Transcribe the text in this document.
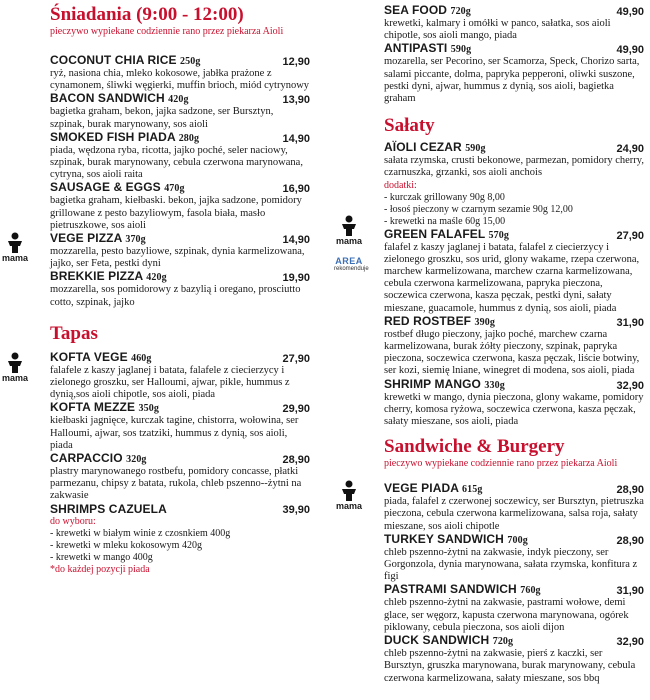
mama
mama
mama
AREA
rekomenduje
mama
Śniadania (9:00 - 12:00)
pieczywo wypiekane codziennie rano przez piekarza Aioli
COCONUT CHIA RICE 250g	12,90
ryż, nasiona chia, mleko kokosowe, jabłka prażone z cynamonem, śliwki węgierki, muffin brioch, miód cytrynowy
BACON SANDWICH 420g	13,90
bagietka graham, bekon, jajka sadzone, ser Bursztyn, szpinak, burak marynowany, sos aioli
SMOKED FISH PIADA 280g	14,90
piada, wędzona ryba, ricotta, jajko poché, seler naciowy, szpinak, burak marynowany, cebula czerwona marynowana, cytryna, sos aioli raita
SAUSAGE & EGGS 470g	16,90
bagietka graham, kiełbaski. bekon, jajka sadzone, pomidory grillowane z pesto bazyliowym, fasola biała, masło pietruszkowe, sos aioli
VEGE PIZZA 370g	14,90
mozzarella, pesto bazyliowe, szpinak, dynia karmelizowana, jajko, ser Feta, pestki dyni
BREKKIE PIZZA 420g	19,90
mozzarella, sos pomidorowy z bazylią i oregano, prosciutto cotto, szpinak, jajko
Tapas
KOFTA VEGE 460g	27,90
falafele z kaszy jaglanej i batata, falafele z ciecierzycy i zielonego groszku, ser Halloumi, ajwar, pikle, hummus z dynią,sos aioli chipotle, sos aioli, piada
KOFTA MEZZE 350g	29,90
kiełbaski jagnięce, kurczak tagine, chistorra, wołowina, ser Halloumi, ajwar, sos tzatziki, hummus z dynią, sos aioli, piada
CARPACCIO 320g	28,90
plastry marynowanego rostbefu, pomidory concasse, płatki parmezanu, chipsy z batata, rukola, chleb pszenno--żytni na zakwasie
SHRIMPS CAZUELA	39,90
do wyboru:
- krewetki w białym winie z czosnkiem 400g
- krewetki w mleku kokosowym 420g
- krewetki w mango 400g
*do każdej pozycji piada
SEA FOOD 720g	49,90
krewetki, kalmary i omółki w panco, sałatka, sos aioli chipotle, sos aioli mango, piada
ANTIPASTI 590g	49,90
mozarella, ser Pecorino, ser Scamorza, Speck, Chorizo sarta, salami piccante, dolma, papryka pepperoni, oliwki suszone, pestki dyni, ajwar, hummus z dynią, sos aioli, bagietka graham
Sałaty
AÏOLI CEZAR 590g	24,90
sałata rzymska, crusti bekonowe, parmezan, pomidory cherry, czarnuszka, grzanki, sos aioli anchois
dodatki:
- kurczak grillowany 90g 8,00
- łosoś pieczony w czarnym sezamie 90g 12,00
- krewetki na maśle 60g 15,00
GREEN FALAFEL 570g	27,90
falafel z kaszy jaglanej i batata, falafel z ciecierzycy i zielonego groszku, sos urid, glony wakame, rzepa czerwona, marchew karmelizowana, marchew czarna karmelizowana, cebula czerwona karmelizowana, papryka pieczona, soczewica czerwona, kasza pęczak, pestki dyni, sałaty mieszane, guacamole, hummus z dynią, sos aioli, piada
RED ROSTBEF 390g	31,90
rostbef długo pieczony, jajko poché, marchew czarna karmelizowana, burak żółty pieczony, szpinak, papryka pieczona, soczewica czerwona, kasza pęczak, liście botwiny, ser kozi, siemię lniane, winegret di modena, sos aioli, piada
SHRIMP MANGO 330g	32,90
krewetki w mango, dynia pieczona, glony wakame, pomidory cherry, komosa ryżowa, soczewica czerwona, kasza pęczak, sałaty mieszane, sos aioli, piada
Sandwiche & Burgery
pieczywo wypiekane codziennie rano przez piekarza Aioli
VEGE PIADA 615g	28,90
piada, falafel z czerwonej soczewicy, ser Bursztyn, pietruszka pieczona, cebula czerwona karmelizowana, salsa roja, sałaty mieszane, sos aioli chipotle
TURKEY SANDWICH 700g	28,90
chleb pszenno-żytni na zakwasie, indyk pieczony, ser Gorgonzola, dynia marynowana, sałata rzymska, konfitura z figi
PASTRAMI SANDWICH 760g	31,90
chleb pszenno-żytni na zakwasie, pastrami wołowe, demi glace, ser węgorz, kapusta czerwona marynowana, ogórek piklowany, cebula pieczona, sos aioli dijon
DUCK SANDWICH 720g	32,90
chleb pszenno-żytni na zakwasie, pierś z kaczki, ser Bursztyn, gruszka marynowana, burak marynowany, cebula czerwona karmelizowana, sałaty mieszane, sos bbq
